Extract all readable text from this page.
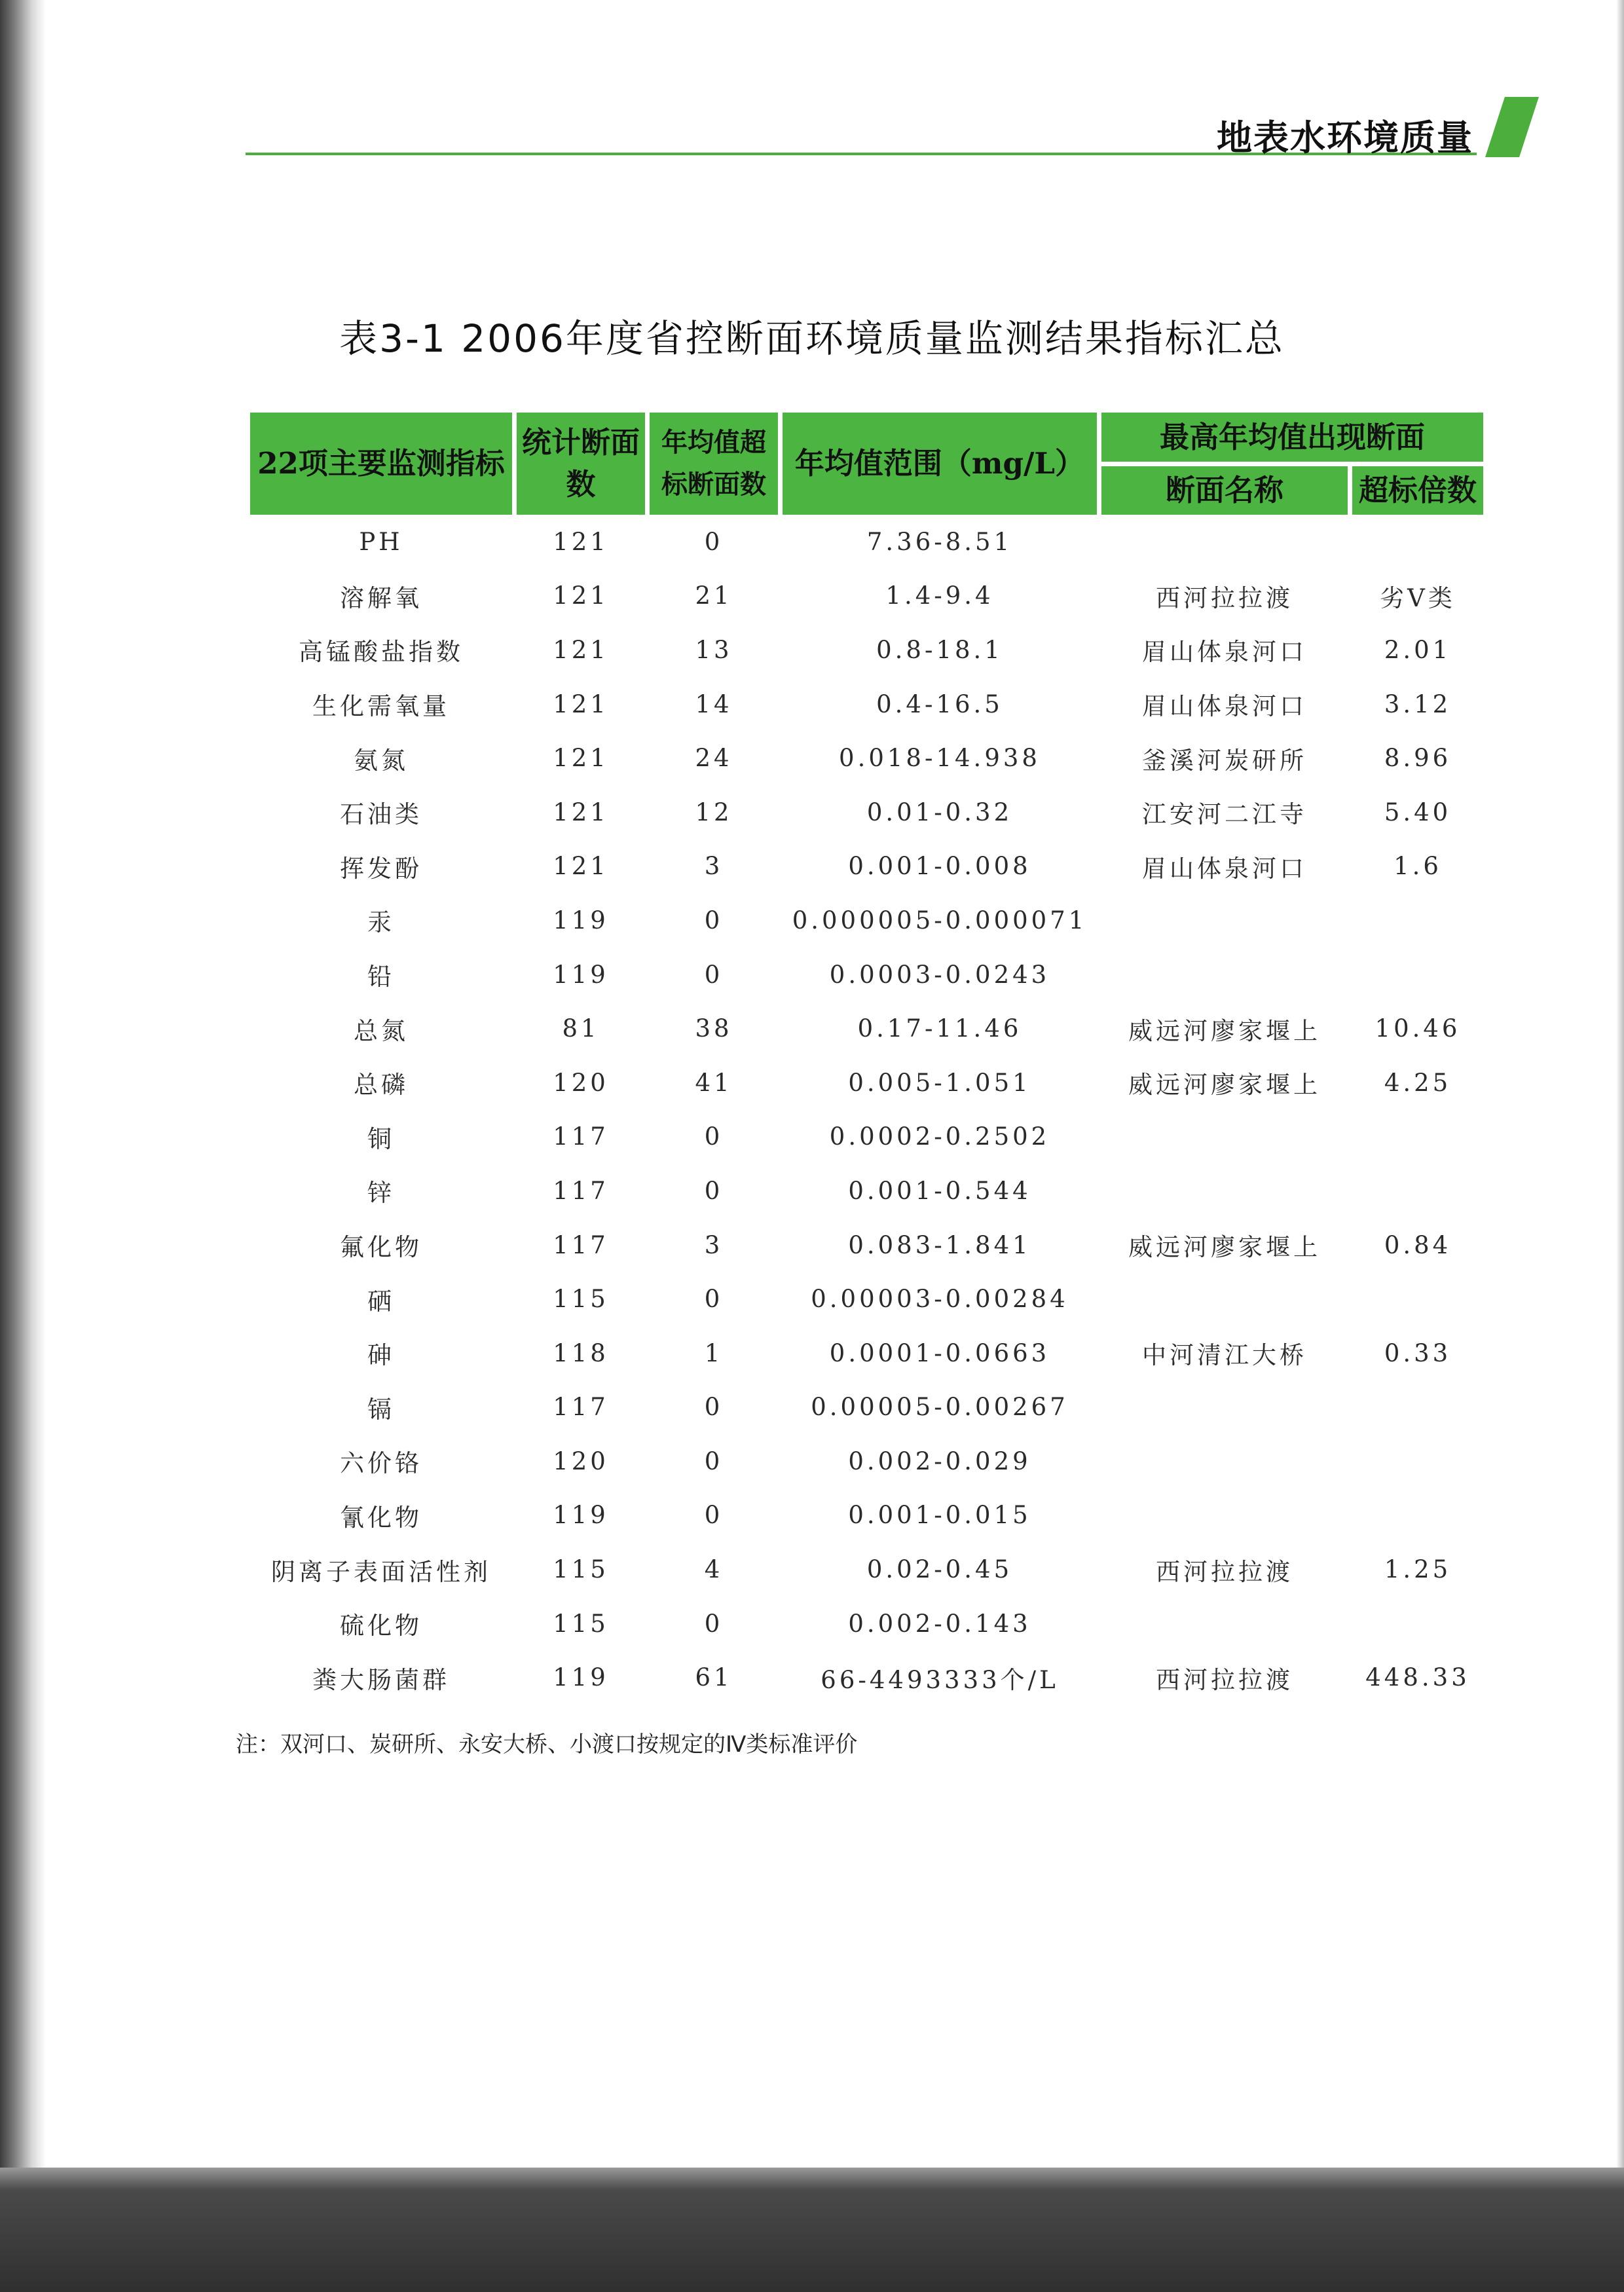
地表水环境质量
表3-1 2006年度省控断面环境质量监测结果指标汇总
22项主要监测指标	统计断面数	年均值超标断面数	年均值范围（mg/L）	最高年均值出现断面	
				断面名称	超标倍数
PH	121	0	7.36-8.51		
溶解氧	121	21	1.4-9.4	西河拉拉渡	劣V类
高锰酸盐指数	121	13	0.8-18.1	眉山体泉河口	2.01
生化需氧量	121	14	0.4-16.5	眉山体泉河口	3.12
氨氮	121	24	0.018-14.938	釜溪河炭研所	8.96
石油类	121	12	0.01-0.32	江安河二江寺	5.40
挥发酚	121	3	0.001-0.008	眉山体泉河口	1.6
汞	119	0	0.000005-0.000071		
铅	119	0	0.0003-0.0243		
总氮	81	38	0.17-11.46	威远河廖家堰上	10.46
总磷	120	41	0.005-1.051	威远河廖家堰上	4.25
铜	117	0	0.0002-0.2502		
锌	117	0	0.001-0.544		
氟化物	117	3	0.083-1.841	威远河廖家堰上	0.84
硒	115	0	0.00003-0.00284		
砷	118	1	0.0001-0.0663	中河清江大桥	0.33
镉	117	0	0.00005-0.00267		
六价铬	120	0	0.002-0.029		
氰化物	119	0	0.001-0.015		
阴离子表面活性剂	115	4	0.02-0.45	西河拉拉渡	1.25
硫化物	115	0	0.002-0.143		
粪大肠菌群	119	61	66-4493333个/L	西河拉拉渡	448.33
注：双河口、炭研所、永安大桥、小渡口按规定的Ⅳ类标准评价
